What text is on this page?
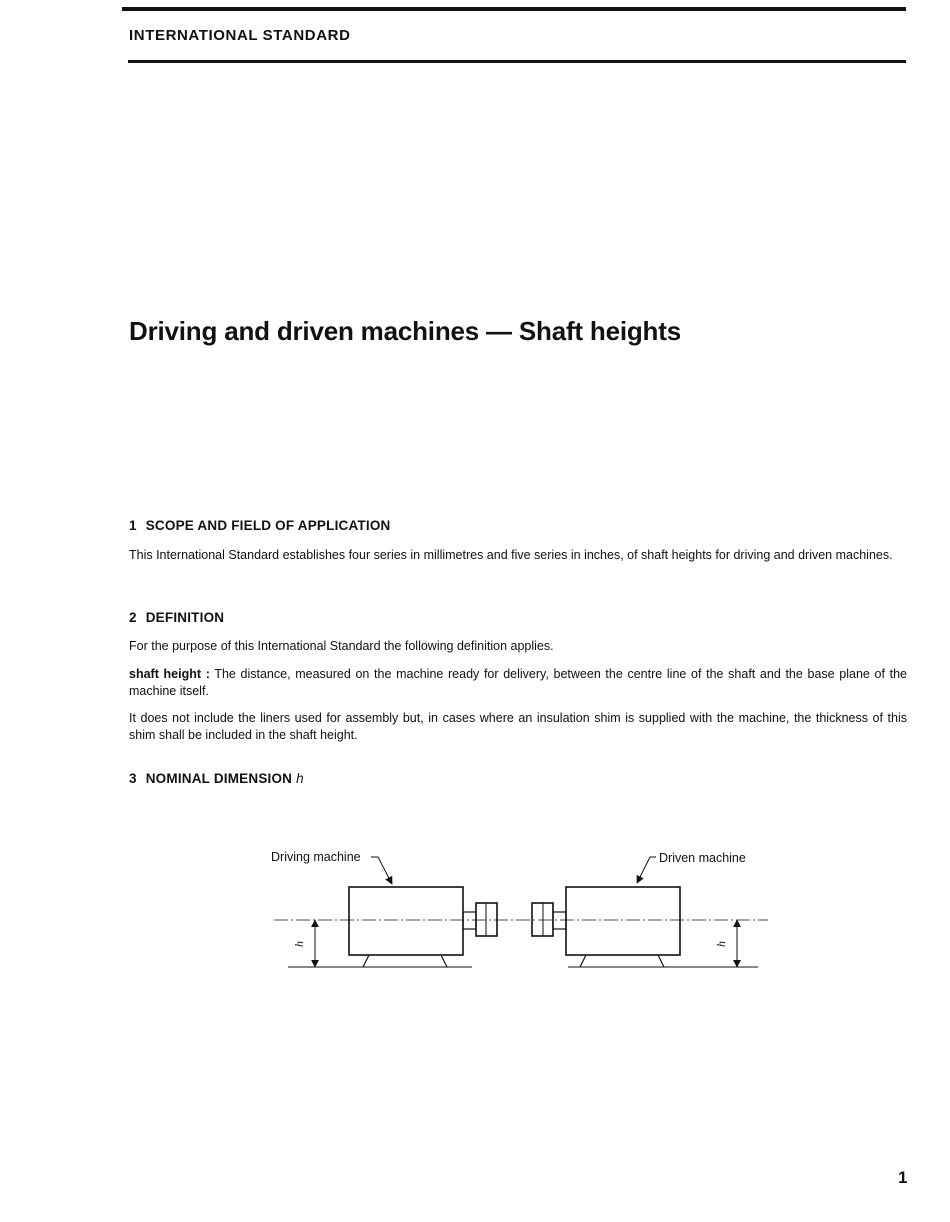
INTERNATIONAL STANDARD
Driving and driven machines — Shaft heights
1 SCOPE AND FIELD OF APPLICATION

This International Standard establishes four series in millimetres and five series in inches, of shaft heights for driving and driven machines.

2 DEFINITION

For the purpose of this International Standard the following definition applies.

shaft height : The distance, measured on the machine ready for delivery, between the centre line of the shaft and the base plane of the machine itself.

It does not include the liners used for assembly but, in cases where an insulation shim is supplied with the machine, the thickness of this shim shall be included in the shaft height.

3 NOMINAL DIMENSION h
Driving machine	Driven machine
h	h
1
